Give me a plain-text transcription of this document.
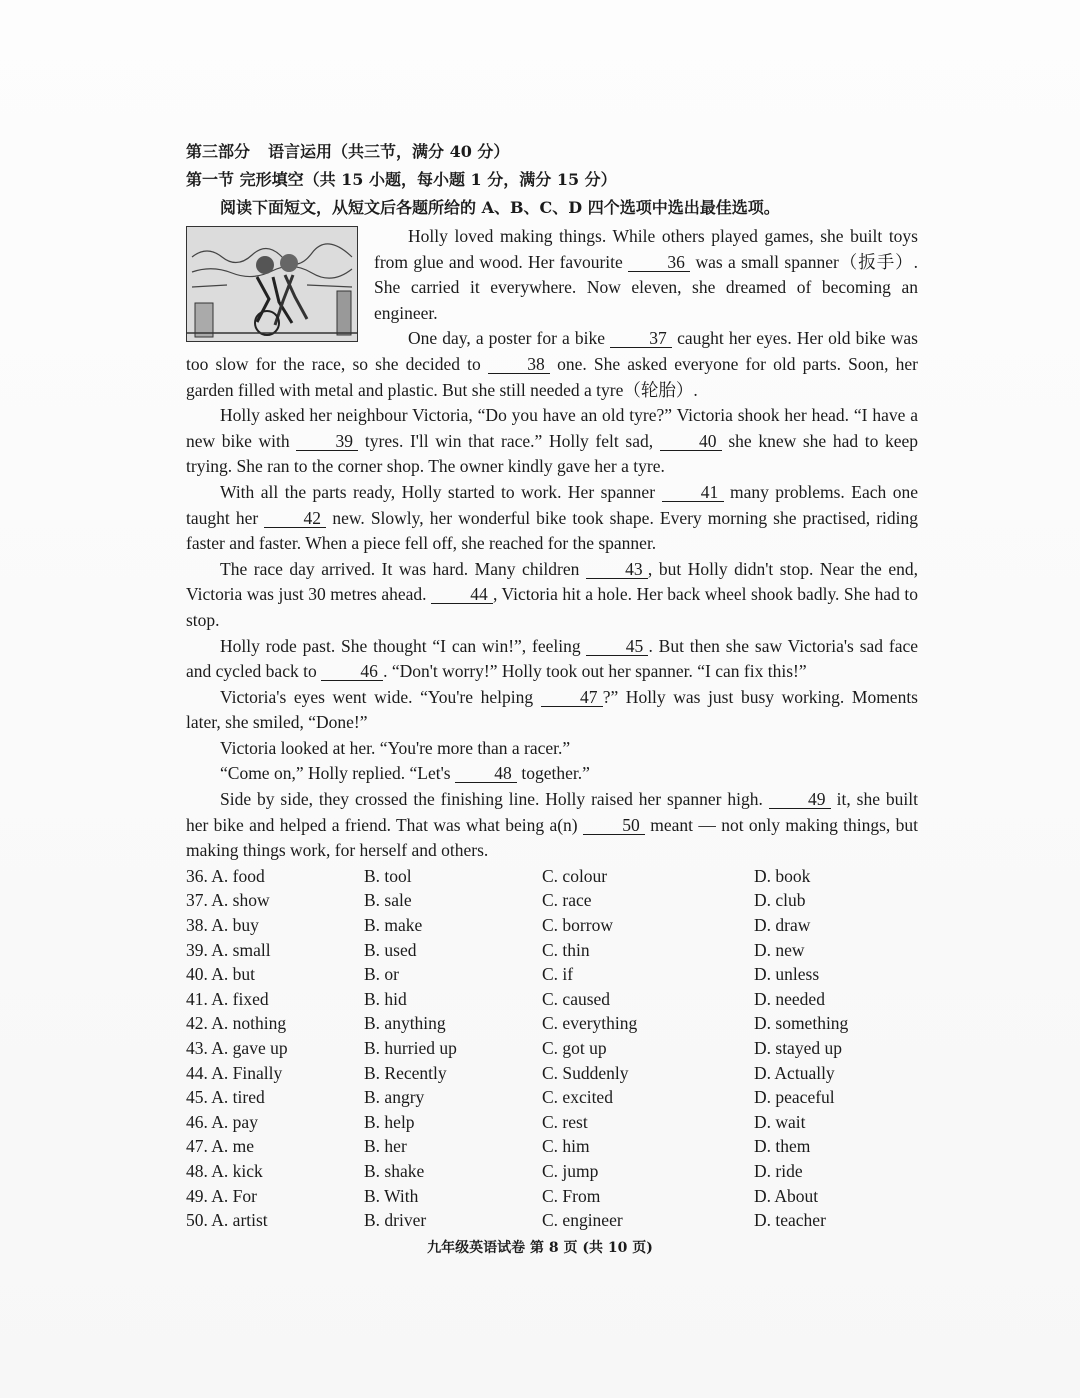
第三部分 语言运用（共三节，满分 40 分）
第一节 完形填空（共 15 小题，每小题 1 分，满分 15 分）
阅读下面短文，从短文后各题所给的 A、B、C、D 四个选项中选出最佳选项。

Holly loved making things. While others played games, she built toys from glue and wood. Her favourite 36 was a small spanner（扳手）. She carried it everywhere. Now eleven, she dreamed of becoming an engineer.

One day, a poster for a bike 37 caught her eyes. Her old bike was too slow for the race, so she decided to 38 one. She asked everyone for old parts. Soon, her garden filled with metal and plastic. But she still needed a tyre（轮胎）.

Holly asked her neighbour Victoria, “Do you have an old tyre?” Victoria shook her head. “I have a new bike with 39 tyres. I'll win that race.” Holly felt sad, 40 she knew she had to keep trying. She ran to the corner shop. The owner kindly gave her a tyre.

With all the parts ready, Holly started to work. Her spanner 41 many problems. Each one taught her 42 new. Slowly, her wonderful bike took shape. Every morning she practised, riding faster and faster. When a piece fell off, she reached for the spanner.

The race day arrived. It was hard. Many children 43 , but Holly didn't stop. Near the end, Victoria was just 30 metres ahead. 44 , Victoria hit a hole. Her back wheel shook badly. She had to stop.

Holly rode past. She thought “I can win!”, feeling 45 . But then she saw Victoria's sad face and cycled back to 46 . “Don't worry!” Holly took out her spanner. “I can fix this!”

Victoria's eyes went wide. “You're helping 47 ?” Holly was just busy working. Moments later, she smiled, “Done!”

Victoria looked at her. “You're more than a racer.”

“Come on,” Holly replied. “Let's 48 together.”

Side by side, they crossed the finishing line. Holly raised her spanner high. 49 it, she built her bike and helped a friend. That was what being a(n) 50 meant — not only making things, but making things work, for herself and others.

36. A. food	B. tool	C. colour	D. book
37. A. show	B. sale	C. race	D. club
38. A. buy	B. make	C. borrow	D. draw
39. A. small	B. used	C. thin	D. new
40. A. but	B. or	C. if	D. unless
41. A. fixed	B. hid	C. caused	D. needed
42. A. nothing	B. anything	C. everything	D. something
43. A. gave up	B. hurried up	C. got up	D. stayed up
44. A. Finally	B. Recently	C. Suddenly	D. Actually
45. A. tired	B. angry	C. excited	D. peaceful
46. A. pay	B. help	C. rest	D. wait
47. A. me	B. her	C. him	D. them
48. A. kick	B. shake	C. jump	D. ride
49. A. For	B. With	C. From	D. About
50. A. artist	B. driver	C. engineer	D. teacher
九年级英语试卷 第 8 页 (共 10 页)
